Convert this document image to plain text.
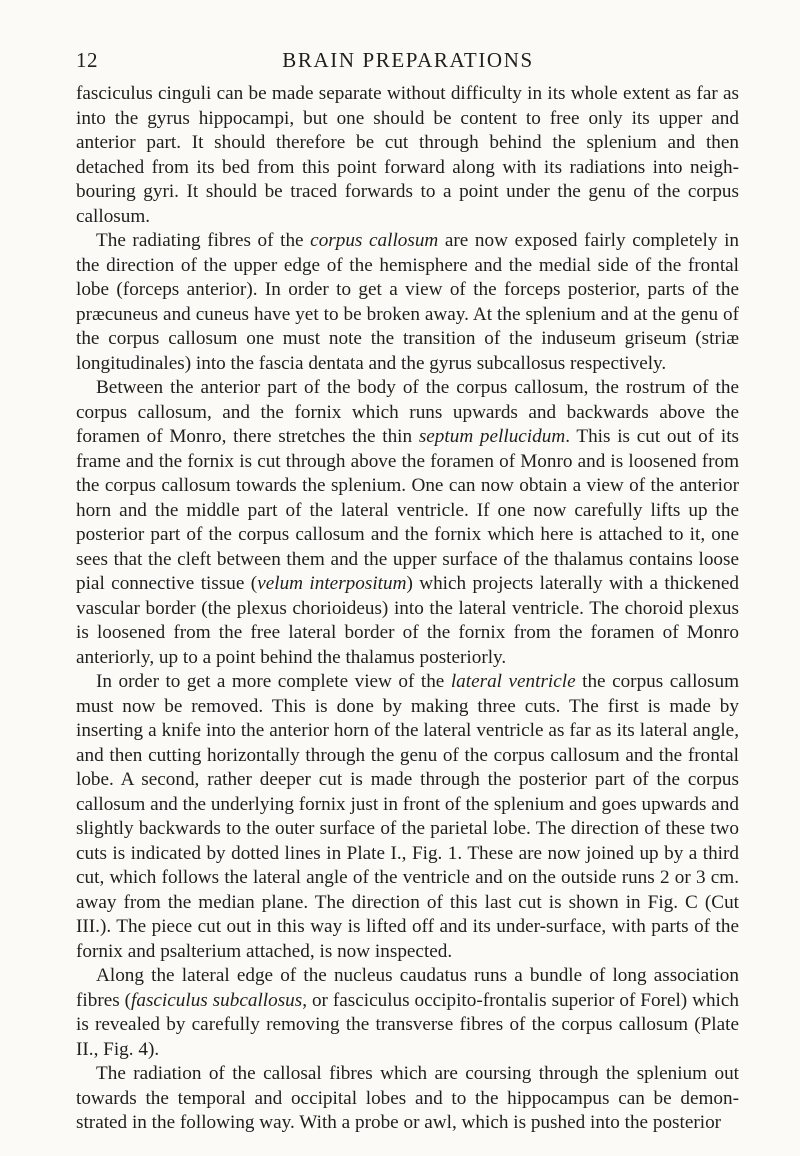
12	BRAIN PREPARATIONS

fasciculus cinguli can be made separate without difficulty in its whole extent as far as into the gyrus hippocampi, but one should be content to free only its upper and anterior part. It should therefore be cut through behind the splenium and then detached from its bed from this point forward along with its radiations into neigh-bouring gyri. It should be traced forwards to a point under the genu of the corpus callosum.

The radiating fibres of the corpus callosum are now exposed fairly completely in the direction of the upper edge of the hemisphere and the medial side of the frontal lobe (forceps anterior). In order to get a view of the forceps posterior, parts of the præcuneus and cuneus have yet to be broken away. At the splenium and at the genu of the corpus callosum one must note the transition of the induseum griseum (striæ longitudinales) into the fascia dentata and the gyrus subcallosus respectively.

Between the anterior part of the body of the corpus callosum, the rostrum of the corpus callosum, and the fornix which runs upwards and backwards above the foramen of Monro, there stretches the thin septum pellucidum. This is cut out of its frame and the fornix is cut through above the foramen of Monro and is loosened from the corpus callosum towards the splenium. One can now obtain a view of the anterior horn and the middle part of the lateral ventricle. If one now carefully lifts up the posterior part of the corpus callosum and the fornix which here is attached to it, one sees that the cleft between them and the upper surface of the thalamus contains loose pial connective tissue (velum interpositum) which projects laterally with a thickened vascular border (the plexus chorioideus) into the lateral ventricle. The choroid plexus is loosened from the free lateral border of the fornix from the foramen of Monro anteriorly, up to a point behind the thalamus posteriorly.

In order to get a more complete view of the lateral ventricle the corpus callosum must now be removed. This is done by making three cuts. The first is made by inserting a knife into the anterior horn of the lateral ventricle as far as its lateral angle, and then cutting horizontally through the genu of the corpus callosum and the frontal lobe. A second, rather deeper cut is made through the posterior part of the corpus callosum and the underlying fornix just in front of the splenium and goes upwards and slightly backwards to the outer surface of the parietal lobe. The direction of these two cuts is indicated by dotted lines in Plate I., Fig. 1. These are now joined up by a third cut, which follows the lateral angle of the ventricle and on the outside runs 2 or 3 cm. away from the median plane. The direction of this last cut is shown in Fig. C (Cut III.). The piece cut out in this way is lifted off and its under-surface, with parts of the fornix and psalterium attached, is now inspected.

Along the lateral edge of the nucleus caudatus runs a bundle of long association fibres (fasciculus subcallosus, or fasciculus occipito-frontalis superior of Forel) which is revealed by carefully removing the transverse fibres of the corpus callosum (Plate II., Fig. 4).

The radiation of the callosal fibres which are coursing through the splenium out towards the temporal and occipital lobes and to the hippocampus can be demon-strated in the following way. With a probe or awl, which is pushed into the posterior
